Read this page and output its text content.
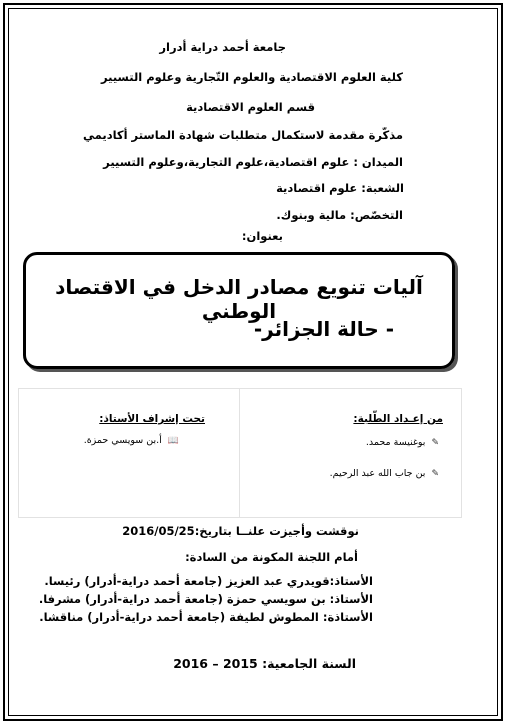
جامعة أحمد دراية أدرار
كلية العلوم الاقتصادية والعلوم التّجارية وعلوم التسيير
قسم العلوم الاقتصادية
مذكّرة مقدمة لاستكمال متطلبات شهادة الماستر أكاديمي
الميدان : علوم اقتصادية،علوم التجارية،وعلوم التسيير
الشعبة: علوم اقتصادية
التخصّص: مالية وبنوك.
بعنوان:
آليات تنويع مصادر الدخل في الاقتصاد الوطني
- حالة الجزائر-
من إعـداد الطّلبة:
✎بوغنيسة محمد.
✎بن جاب الله عبد الرحيم.
تحت إشراف الأستاذ:
📖أ.بن سويسي حمزة.
نوقشت وأجيزت علنــا بتاريخ:2016/05/25
أمام اللجنة المكونة من السادة:
الأستاذ:قويدري عبد العزيز (جامعة أحمد دراية-أدرار) رئيسا.
الأستاذ: بن سويسي حمزة (جامعة أحمد دراية-أدرار) مشرفا.
الأستاذة: المطوش لطيفة (جامعة أحمد دراية-أدرار) مناقشا.
السنة الجامعية: 2015 – 2016
